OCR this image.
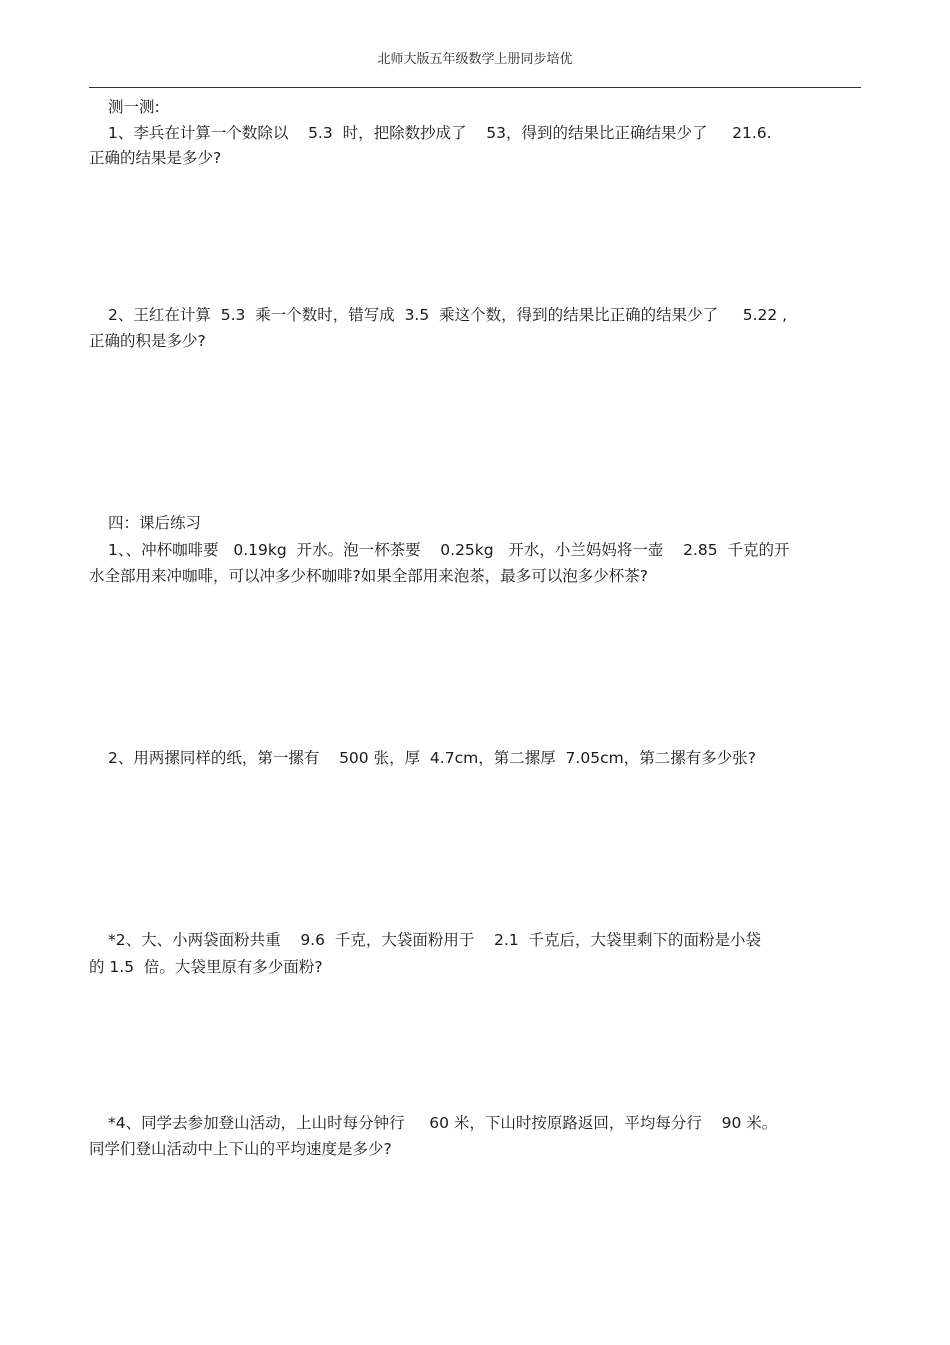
北师大版五年级数学上册同步培优
测一测:
1、李兵在计算一个数除以    5.3  时，把除数抄成了    53，得到的结果比正确结果少了     21.6.
正确的结果是多少?
2、王红在计算  5.3  乘一个数时，错写成  3.5  乘这个数，得到的结果比正确的结果少了     5.22 ,
正确的积是多少?
四：课后练习
1、、冲杯咖啡要   0.19kg  开水。泡一杯茶要    0.25kg   开水，小兰妈妈将一壶    2.85  千克的开
水全部用来冲咖啡，可以冲多少杯咖啡?如果全部用来泡茶，最多可以泡多少杯茶?
2、用两摞同样的纸，第一摞有    500 张，厚  4.7cm，第二摞厚  7.05cm，第二摞有多少张?
*2、大、小两袋面粉共重    9.6  千克，大袋面粉用于    2.1  千克后，大袋里剩下的面粉是小袋
的 1.5  倍。大袋里原有多少面粉?
*4、同学去参加登山活动，上山时每分钟行     60 米，下山时按原路返回，平均每分行    90 米。
同学们登山活动中上下山的平均速度是多少?
